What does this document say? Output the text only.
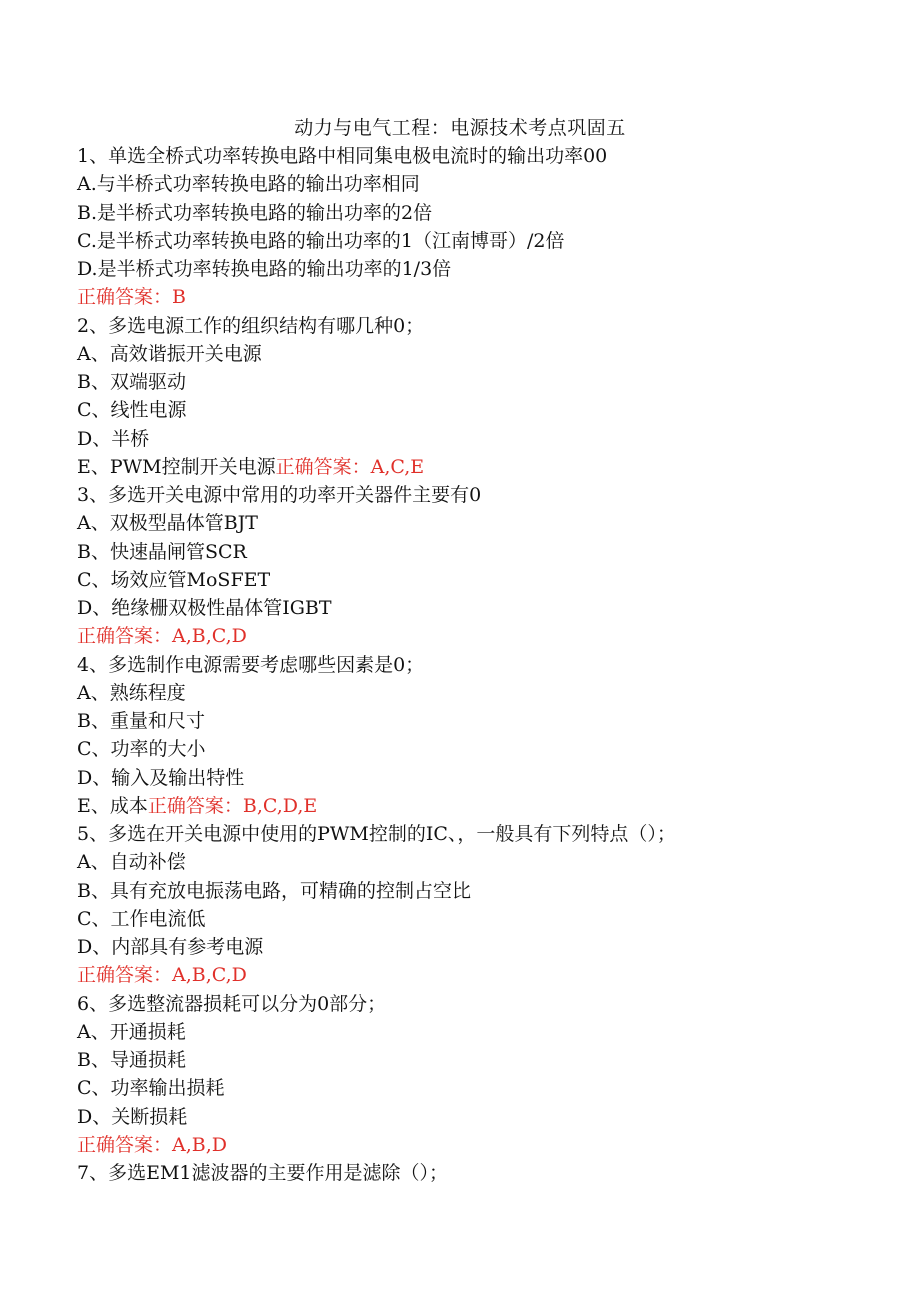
动力与电气工程：电源技术考点巩固五
1、单选全桥式功率转换电路中相同集电极电流时的输出功率00
A.与半桥式功率转换电路的输出功率相同
B.是半桥式功率转换电路的输出功率的2倍
C.是半桥式功率转换电路的输出功率的1（江南博哥）/2倍
D.是半桥式功率转换电路的输出功率的1/3倍
正确答案：B
2、多选电源工作的组织结构有哪几种0；
A、高效谐振开关电源
B、双端驱动
C、线性电源
D、半桥
E、PWM控制开关电源正确答案：A,C,E
3、多选开关电源中常用的功率开关器件主要有0
A、双极型晶体管BJT
B、快速晶闸管SCR
C、场效应管MoSFET
D、绝缘栅双极性晶体管IGBT
正确答案：A,B,C,D
4、多选制作电源需要考虑哪些因素是0；
A、熟练程度
B、重量和尺寸
C、功率的大小
D、输入及输出特性
E、成本正确答案：B,C,D,E
5、多选在开关电源中使用的PWM控制的IC、，一般具有下列特点（）；
A、自动补偿
B、具有充放电振荡电路，可精确的控制占空比
C、工作电流低
D、内部具有参考电源
正确答案：A,B,C,D
6、多选整流器损耗可以分为0部分；
A、开通损耗
B、导通损耗
C、功率输出损耗
D、关断损耗
正确答案：A,B,D
7、多选EM1滤波器的主要作用是滤除（）；
